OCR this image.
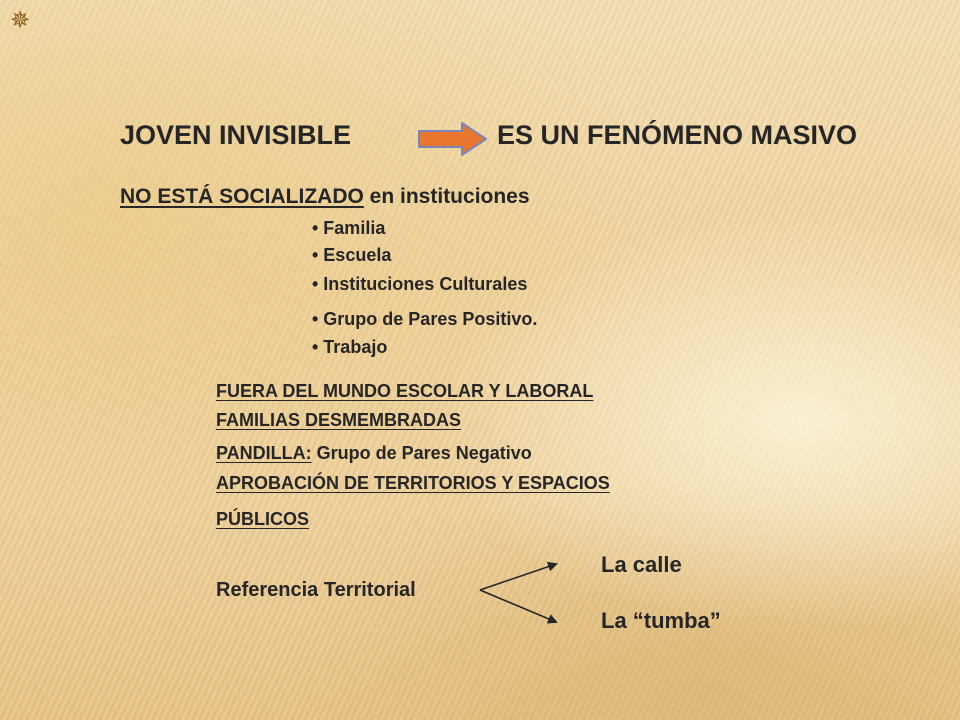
✵
JOVEN INVISIBLE	ES UN FENÓMENO MASIVO
NO ESTÁ SOCIALIZADO en instituciones
• Familia
• Escuela
• Instituciones Culturales
• Grupo de Pares Positivo.
• Trabajo
FUERA DEL MUNDO ESCOLAR Y LABORAL
FAMILIAS DESMEMBRADAS
PANDILLA: Grupo de Pares Negativo
APROBACIÓN DE TERRITORIOS Y ESPACIOS
PÚBLICOS
Referencia Territorial
La calle
La “tumba”
